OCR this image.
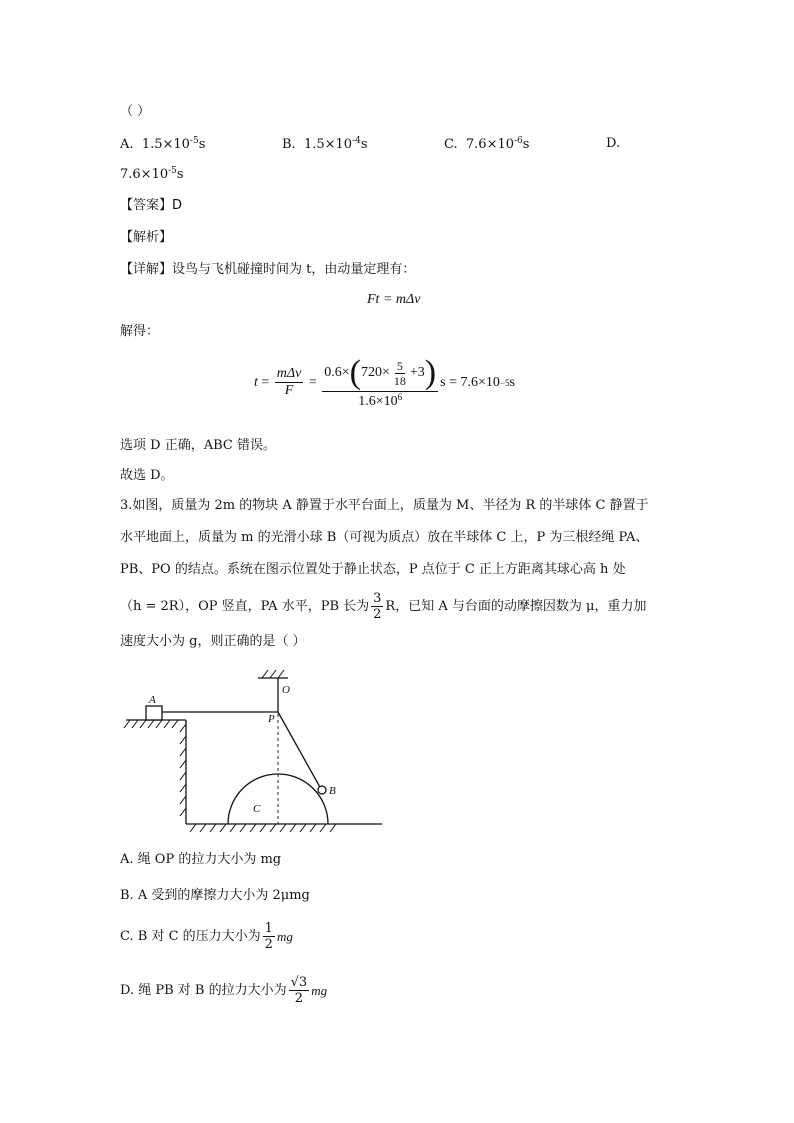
（ ）
A. $1.5\times 10^{-5}s$	B. $1.5\times 10^{-4}s$	C. $7.6\times 10^{-6}s$	D.
$7.6\times 10^{-5}s$
【答案】D
【解析】
【详解】设鸟与飞机碰撞时间为 t，由动量定理有：
Ft = mΔv
解得：
$t = \frac{\text{mΔv}}{F}$ =
0.6× ( $720\times \frac{5}{18} +3$ )
$1.6\times 10^6$
s = 7.6×10 −5 s
选项 D 正确，ABC 错误。
故选 D。
3.如图，质量为 2m 的物块 A 静置于水平台面上，质量为 M、半径为 R 的半球体 C 静置于
水平地面上，质量为 m 的光滑小球 B（可视为质点）放在半球体 C 上，P 为三根经绳 PA、
PB、PO 的结点。系统在图示位置处于静止状态，P 点位于 C 正上方距离其球心高 h 处
（h = 2R），OP 竖直，PA 水平，PB 长为 $\frac{3}{2}$ R，已知 A 与台面的动摩擦因数为 μ，重力加
速度大小为 g，则正确的是（ ）
A
O
P
B
C
A. 绳 OP 的拉力大小为 mg
B. A 受到的摩擦力大小为 2μmg
C.
B 对 C 的压力大小为 $\frac{1}{2}$ mg
D.
绳 PB 对 B 的拉力大小为 $\frac{√3}{2}$ mg
